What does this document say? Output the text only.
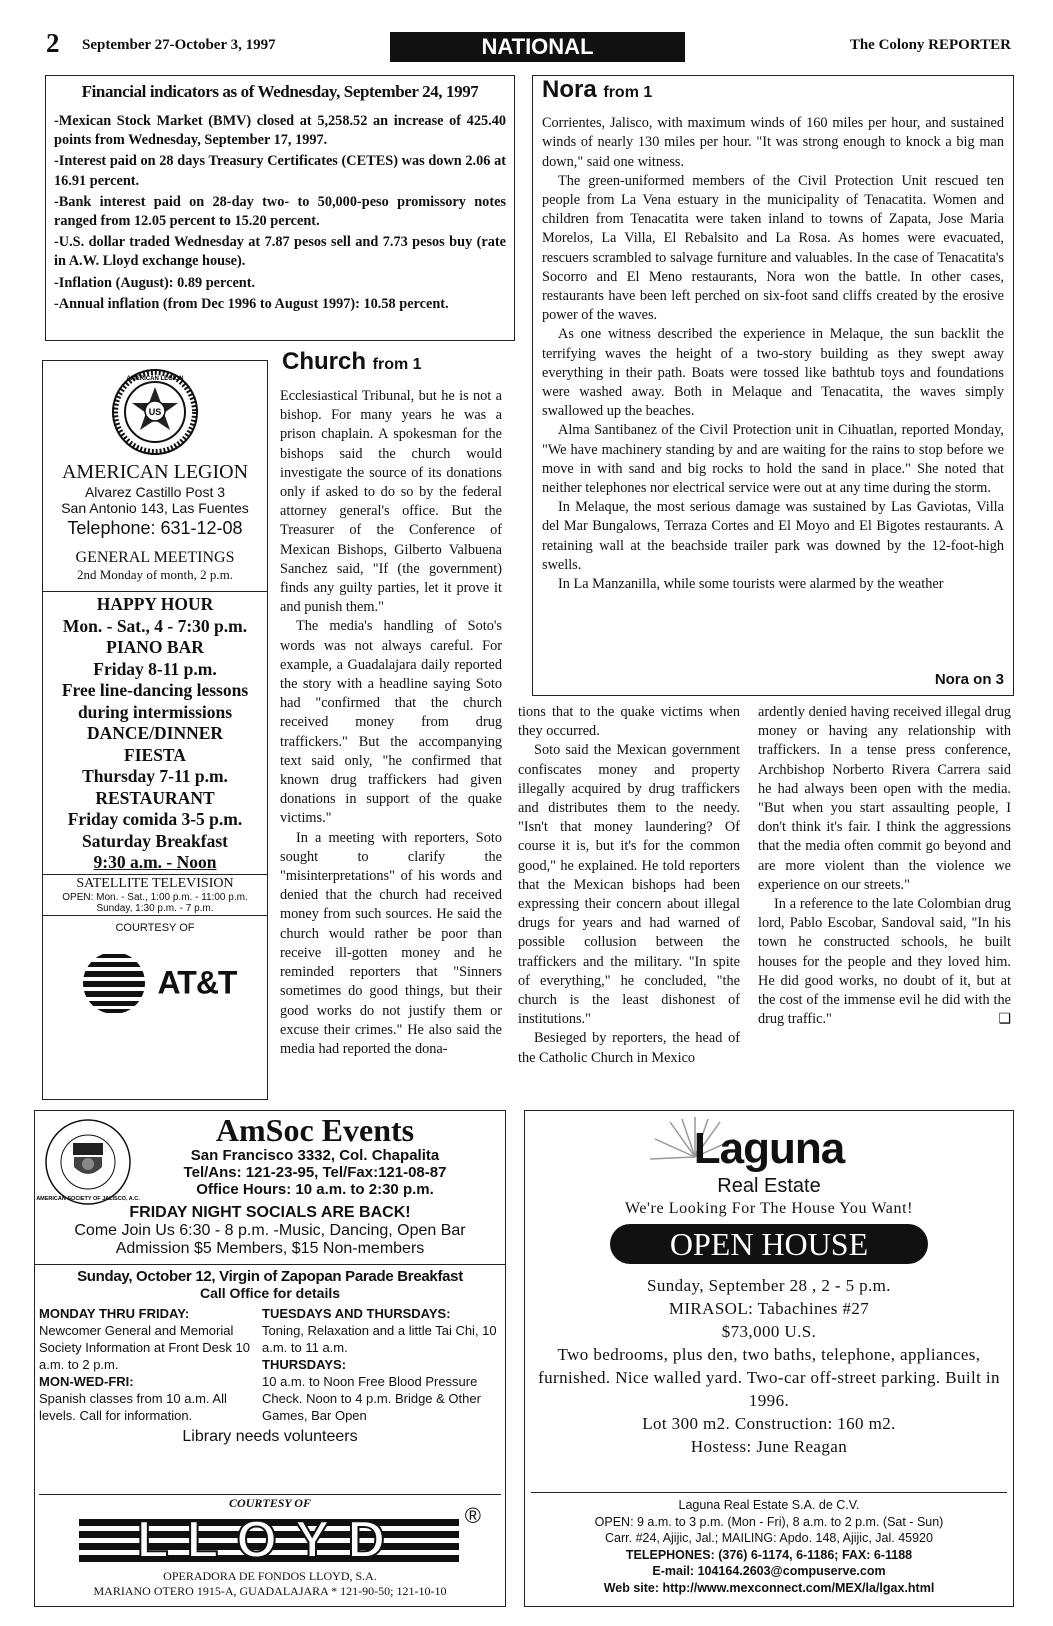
2 September 27-October 3, 1997	NATIONAL	The Colony REPORTER
Financial indicators as of Wednesday, September 24, 1997

-Mexican Stock Market (BMV) closed at 5,258.52 an increase of 425.40 points from Wednesday, September 17, 1997.

-Interest paid on 28 days Treasury Certificates (CETES) was down 2.06 at 16.91 percent.

-Bank interest paid on 28-day two- to 50,000-peso promissory notes ranged from 12.05 percent to 15.20 percent.

-U.S. dollar traded Wednesday at 7.87 pesos sell and 7.73 pesos buy (rate in A.W. Lloyd exchange house).

-Inflation (August): 0.89 percent.

-Annual inflation (from Dec 1996 to August 1997): 10.58 percent.

Nora from 1

Corrientes, Jalisco, with maximum winds of 160 miles per hour, and sustained winds of nearly 130 miles per hour. "It was strong enough to knock a big man down," said one witness.

The green-uniformed members of the Civil Protection Unit rescued ten people from La Vena estuary in the municipality of Tenacatita. Women and children from Tenacatita were taken inland to towns of Zapata, Jose Maria Morelos, La Villa, El Rebalsito and La Rosa. As homes were evacuated, rescuers scrambled to salvage furniture and valuables. In the case of Tenacatita's Socorro and El Meno restaurants, Nora won the battle. In other cases, restaurants have been left perched on six-foot sand cliffs created by the erosive power of the waves.

As one witness described the experience in Melaque, the sun backlit the terrifying waves the height of a two-story building as they swept away everything in their path. Boats were tossed like bathtub toys and foundations were washed away. Both in Melaque and Tenacatita, the waves simply swallowed up the beaches.

Alma Santibanez of the Civil Protection unit in Cihuatlan, reported Monday, "We have machinery standing by and are waiting for the rains to stop before we move in with sand and big rocks to hold the sand in place." She noted that neither telephones nor electrical service were out at any time during the storm.

In Melaque, the most serious damage was sustained by Las Gaviotas, Villa del Mar Bungalows, Terraza Cortes and El Moyo and El Bigotes restaurants. A retaining wall at the beachside trailer park was downed by the 12-foot-high swells.

In La Manzanilla, while some tourists were alarmed by the weather

Nora on 3
US
AMERICAN LEGION
AMERICAN LEGION
Alvarez Castillo Post 3
San Antonio 143, Las Fuentes
Telephone: 631-12-08
GENERAL MEETINGS
2nd Monday of month, 2 p.m.
HAPPY HOUR
Mon. - Sat., 4 - 7:30 p.m.
PIANO BAR
Friday 8-11 p.m.
Free line-dancing lessons
during intermissions
DANCE/DINNER
FIESTA
Thursday 7-11 p.m.
RESTAURANT
Friday comida 3-5 p.m.
Saturday Breakfast
9:30 a.m. - Noon
SATELLITE TELEVISION
OPEN: Mon. - Sat., 1:00 p.m. - 11:00 p.m.
Sunday, 1:30 p.m. - 7 p.m.
COURTESY OF
AT&T
Church from 1

Ecclesiastical Tribunal, but he is not a bishop. For many years he was a prison chaplain. A spokesman for the bishops said the church would investigate the source of its donations only if asked to do so by the federal attorney general's office. But the Treasurer of the Conference of Mexican Bishops, Gilberto Valbuena Sanchez said, "If (the government) finds any guilty parties, let it prove it and punish them."

The media's handling of Soto's words was not always careful. For example, a Guadalajara daily reported the story with a headline saying Soto had "confirmed that the church received money from drug traffickers." But the accompanying text said only, "he confirmed that known drug traffickers had given donations in support of the quake victims."

In a meeting with reporters, Soto sought to clarify the "misinterpretations" of his words and denied that the church had received money from such sources. He said the church would rather be poor than receive ill-gotten money and he reminded reporters that "Sinners sometimes do good things, but their good works do not justify them or excuse their crimes." He also said the media had reported the dona-

tions that to the quake victims when they occurred.

Soto said the Mexican government confiscates money and property illegally acquired by drug traffickers and distributes them to the needy. "Isn't that money laundering? Of course it is, but it's for the common good," he explained. He told reporters that the Mexican bishops had been expressing their concern about illegal drugs for years and had warned of possible collusion between the traffickers and the military. "In spite of everything," he concluded, "the church is the least dishonest of institutions."

Besieged by reporters, the head of the Catholic Church in Mexico

ardently denied having received illegal drug money or having any relationship with traffickers. In a tense press conference, Archbishop Norberto Rivera Carrera said he had always been open with the media. "But when you start assaulting people, I don't think it's fair. I think the aggressions that the media often commit go beyond and are more violent than the violence we experience on our streets."

In a reference to the late Colombian drug lord, Pablo Escobar, Sandoval said, "In his town he constructed schools, he built houses for the people and they loved him. He did good works, no doubt of it, but at the cost of the immense evil he did with the drug traffic."	❑
AMERICAN SOCIETY OF JALISCO, A.C.
AmSoc Events
San Francisco 3332, Col. Chapalita
Tel/Ans: 121-23-95, Tel/Fax:121-08-87
Office Hours: 10 a.m. to 2:30 p.m.
FRIDAY NIGHT SOCIALS ARE BACK!
Come Join Us 6:30 - 8 p.m. -Music, Dancing, Open Bar
Admission $5 Members, $15 Non-members
Sunday, October 12, Virgin of Zapopan Parade Breakfast
Call Office for details
MONDAY THRU FRIDAY:
Newcomer General and Memorial Society Information at Front Desk 10 a.m. to 2 p.m.
MON-WED-FRI:
Spanish classes from 10 a.m. All levels. Call for information.
TUESDAYS AND THURSDAYS:
Toning, Relaxation and a little Tai Chi, 10 a.m. to 11 a.m.
THURSDAYS:
10 a.m. to Noon Free Blood Pressure Check. Noon to 4 p.m. Bridge & Other Games, Bar Open
Library needs volunteers
COURTESY OF
LLOYD	®
OPERADORA DE FONDOS LLOYD, S.A.
MARIANO OTERO 1915-A, GUADALAJARA * 121-90-50; 121-10-10
Laguna
Real Estate
We're Looking For The House You Want!
OPEN HOUSE
Sunday, September 28 , 2 - 5 p.m.
MIRASOL: Tabachines #27
$73,000 U.S.
Two bedrooms, plus den, two baths, telephone, appliances, furnished. Nice walled yard. Two-car off-street parking. Built in 1996.
Lot 300 m2. Construction: 160 m2.
Hostess: June Reagan
Laguna Real Estate S.A. de C.V.
OPEN: 9 a.m. to 3 p.m. (Mon - Fri), 8 a.m. to 2 p.m. (Sat - Sun)
Carr. #24, Ajijic, Jal.; MAILING: Apdo. 148, Ajijic, Jal. 45920
TELEPHONES: (376) 6-1174, 6-1186; FAX: 6-1188
E-mail: 104164.2603@compuserve.com
Web site: http://www.mexconnect.com/MEX/la/lgax.html
